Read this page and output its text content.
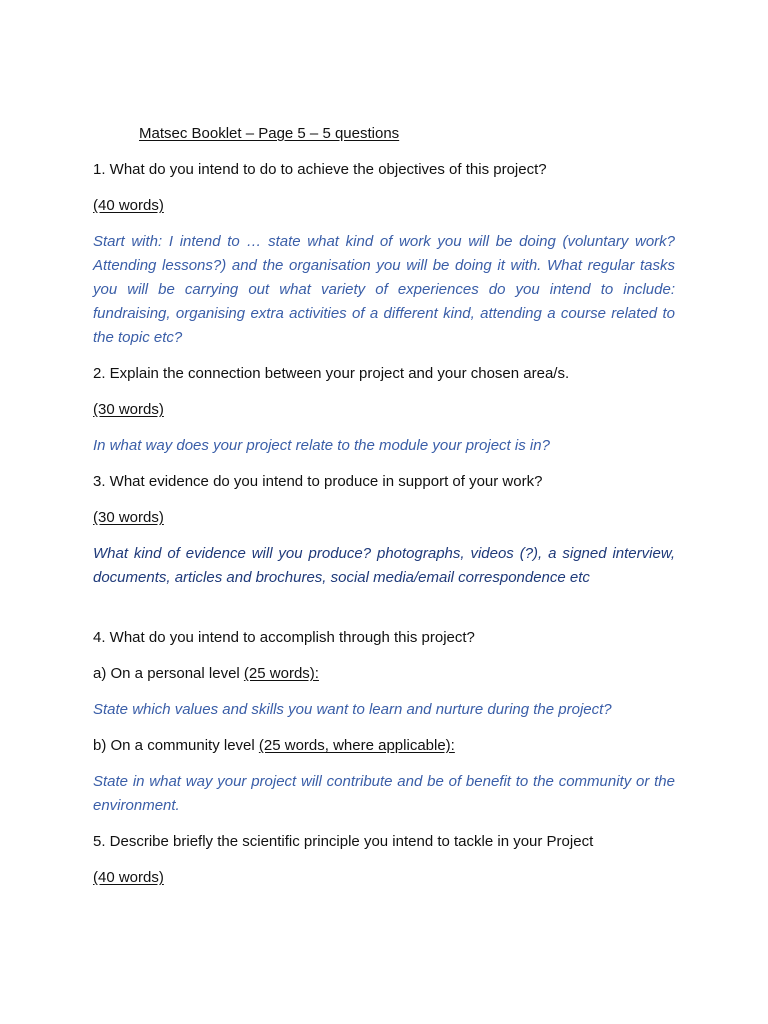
Matsec Booklet – Page 5 – 5 questions
1. What do you intend to do to achieve the objectives of this project?
(40 words)
Start with: I intend to … state what kind of work you will be doing (voluntary work? Attending lessons?) and the organisation you will be doing it with. What regular tasks you will be carrying out what variety of experiences do you intend to include: fundraising, organising extra activities of a different kind, attending a course related to the topic etc?
2. Explain the connection between your project and your chosen area/s.
(30 words)
In what way does your project relate to the module your project is in?
3. What evidence do you intend to produce in support of your work?
(30 words)
What kind of evidence will you produce? photographs, videos (?), a signed interview, documents, articles and brochures, social media/email correspondence etc
4. What do you intend to accomplish through this project?
a) On a personal level (25 words):
State which values and skills you want to learn and nurture during the project?
b) On a community level (25 words, where applicable):
State in what way your project will contribute and be of benefit to the community or the environment.
5. Describe briefly the scientific principle you intend to tackle in your Project
(40 words)
